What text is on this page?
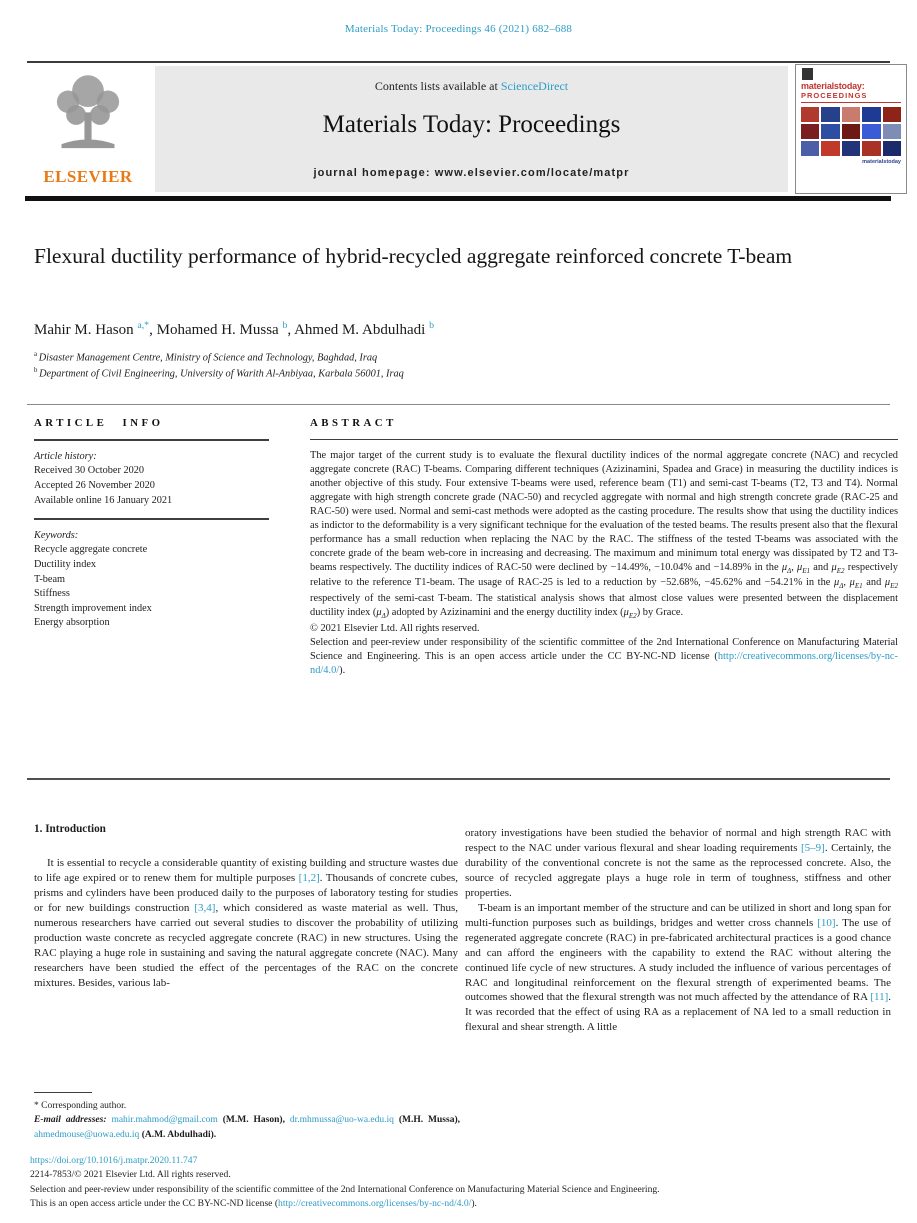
Materials Today: Proceedings 46 (2021) 682–688
ELSEVIER
Contents lists available at ScienceDirect
Materials Today: Proceedings
journal homepage: www.elsevier.com/locate/matpr
materialstoday:
PROCEEDINGS
materialstoday
Flexural ductility performance of hybrid-recycled aggregate reinforced concrete T-beam
Mahir M. Hason $^{a,*}$, Mohamed H. Mussa $^b$, Ahmed M. Abdulhadi $^b$
$^a$ Disaster Management Centre, Ministry of Science and Technology, Baghdad, Iraq
$^b$ Department of Civil Engineering, University of Warith Al-Anbiyaa, Karbala 56001, Iraq
ARTICLE INFO
Article history:
Received 30 October 2020
Accepted 26 November 2020
Available online 16 January 2021
Keywords:
Recycle aggregate concrete
Ductility index
T-beam
Stiffness
Strength improvement index
Energy absorption
ABSTRACT

The major target of the current study is to evaluate the flexural ductility indices of the normal aggregate concrete (NAC) and recycled aggregate concrete (RAC) T-beams. Comparing different techniques (Azizinamini, Spadea and Grace) in measuring the ductility indices is another objective of this study. Four extensive T-beams were used, reference beam (T1) and semi-cast T-beams (T2, T3 and T4). Normal aggregate with high strength concrete grade (NAC-50) and recycled aggregate with normal and high strength concrete grade (RAC-25 and RAC-50) were used. Normal and semi-cast methods were adopted as the casting procedure. The results show that using the ductility indices as indictor to the deformability is a very significant technique for the evaluation of the tested beams. The results present also that the flexural performance has a small reduction when replacing the NAC by the RAC. The stiffness of the tested T-beams was associated with the concrete grade of the beam web-core in increasing and decreasing. The maximum and minimum total energy was dissipated by T2 and T3-beams respectively. The ductility indices of RAC-50 were declined by −14.49%, −10.04% and −14.89% in the $\mu_\Delta$, $\mu_{E1}$ and $\mu_{E2}$ respectively relative to the reference T1-beam. The usage of RAC-25 is led to a reduction by −52.68%, −45.62% and −54.21% in the $\mu_\Delta$, $\mu_{E1}$ and $\mu_{E2}$ respectively of the semi-cast T-beam. The statistical analysis shows that almost close values were presented between the displacement ductility index $(\mu_\Delta)$ adopted by Azizinamini and the energy ductility index $(\mu_{E2})$ by Grace.

© 2021 Elsevier Ltd. All rights reserved.

Selection and peer-review under responsibility of the scientific committee of the 2nd International Conference on Manufacturing Material Science and Engineering. This is an open access article under the CC BY-NC-ND license (http://creativecommons.org/licenses/by-nc-nd/4.0/).

1. Introduction

It is essential to recycle a considerable quantity of existing building and structure wastes due to life age expired or to renew them for multiple purposes [1,2]. Thousands of concrete cubes, prisms and cylinders have been produced daily to the purposes of laboratory testing for studies or for new buildings construction [3,4], which considered as waste material as well. Thus, numerous researchers have carried out several studies to discover the probability of utilizing production waste concrete as recycled aggregate concrete (RAC) in new structures. Using the RAC playing a huge role in sustaining and saving the natural aggregate concrete (NAC). Many researchers have been studied the effect of the percentages of the RAC on the concrete mixtures. Besides, various lab-

oratory investigations have been studied the behavior of normal and high strength RAC with respect to the NAC under various flexural and shear loading requirements [5–9]. Certainly, the durability of the conventional concrete is not the same as the reprocessed concrete. Also, the source of recycled aggregate plays a huge role in term of toughness, stiffness and other properties.

T-beam is an important member of the structure and can be utilized in short and long span for multi-function purposes such as buildings, bridges and wetter cross channels [10]. The use of regenerated aggregate concrete (RAC) in pre-fabricated architectural practices is a good chance and can afford the engineers with the capability to extend the RAC without altering the continued life cycle of new structures. A study included the influence of various percentages of RAC and longitudinal reinforcement on the flexural strength of experimented beams. The outcomes showed that the flexural strength was not much affected by the attendance of RA [11]. It was recorded that the effect of using RA as a replacement of NA led to a small reduction in flexural and shear strength. A little

* Corresponding author.
E-mail addresses: mahir.mahmod@gmail.com (M.M. Hason), dr.mhmussa@uo-wa.edu.iq (M.H. Mussa), ahmedmouse@uowa.edu.iq (A.M. Abdulhadi).
https://doi.org/10.1016/j.matpr.2020.11.747
2214-7853/© 2021 Elsevier Ltd. All rights reserved.
Selection and peer-review under responsibility of the scientific committee of the 2nd International Conference on Manufacturing Material Science and Engineering.
This is an open access article under the CC BY-NC-ND license (http://creativecommons.org/licenses/by-nc-nd/4.0/).
